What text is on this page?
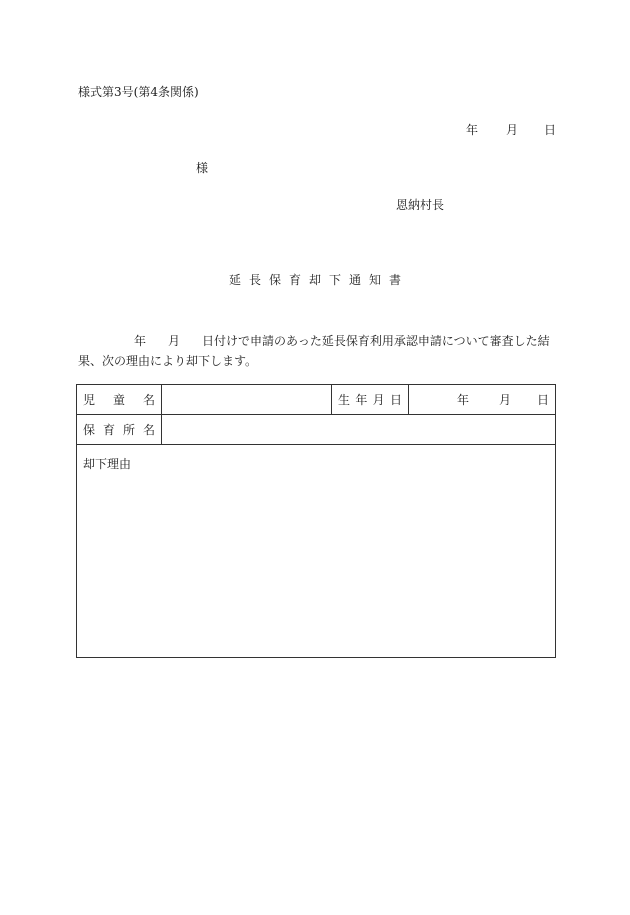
様式第3号(第4条関係)
年 月 日
様
恩納村長
延長保育却下通知書
年 月 日付けで申請のあった延長保育利用承認申請について審査した結果、次の理由により却下します。
児 童 名		生 年 月 日	年 月 日

保 育 所 名			

却下理由			
